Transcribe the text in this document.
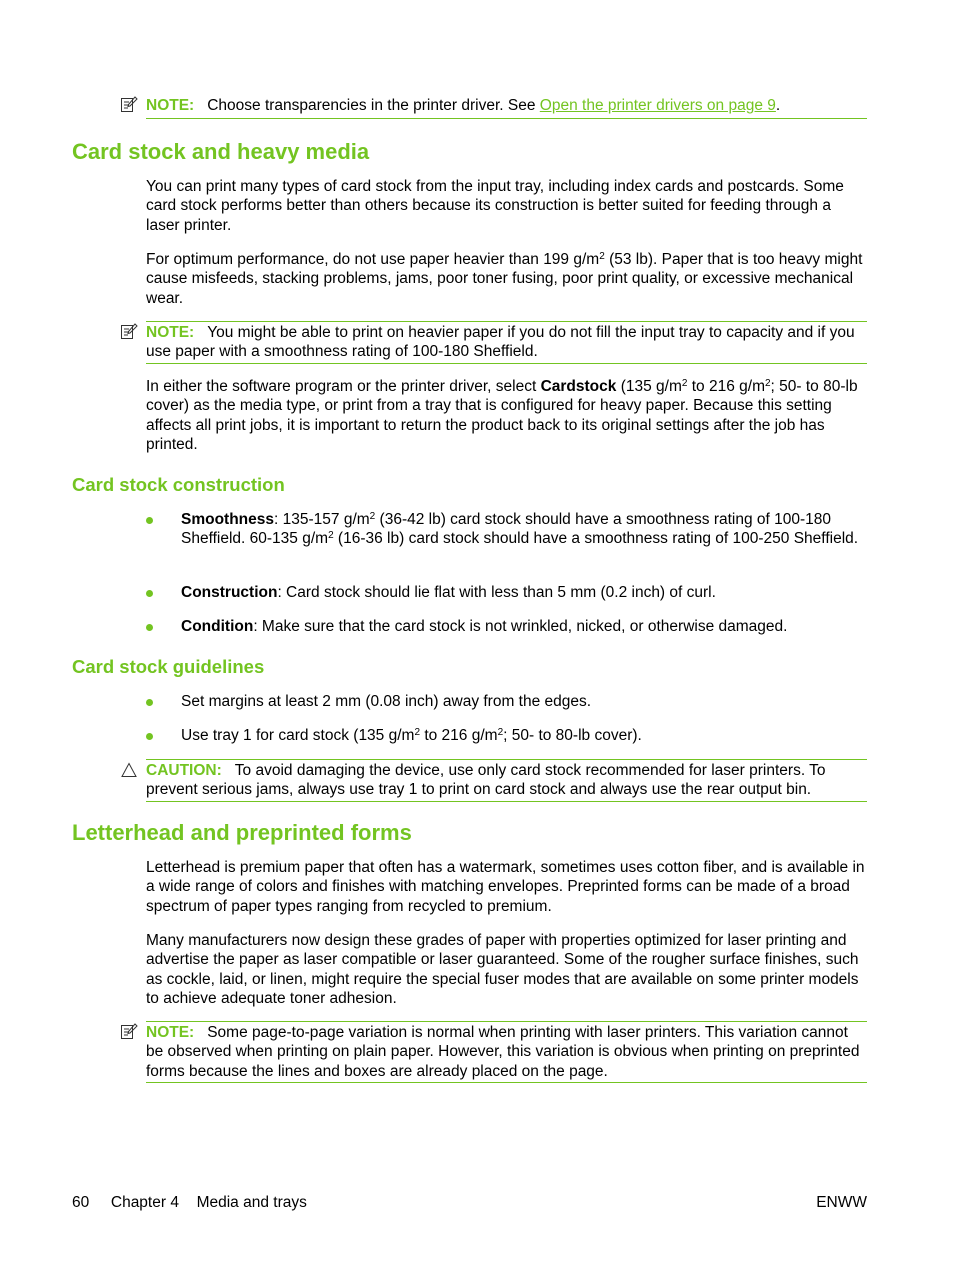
NOTE: Choose transparencies in the printer driver. See Open the printer drivers on page 9.
Card stock and heavy media

You can print many types of card stock from the input tray, including index cards and postcards. Some card stock performs better than others because its construction is better suited for feeding through a laser printer.

For optimum performance, do not use paper heavier than 199 $g/m^2$ (53 lb). Paper that is too heavy might cause misfeeds, stacking problems, jams, poor toner fusing, poor print quality, or excessive mechanical wear.

NOTE: You might be able to print on heavier paper if you do not fill the input tray to capacity and if you use paper with a smoothness rating of 100-180 Sheffield.

In either the software program or the printer driver, select Cardstock (135 $g/m^2$ to 216 $g/m^2$; 50- to 80-lb cover) as the media type, or print from a tray that is configured for heavy paper. Because this setting affects all print jobs, it is important to return the product back to its original settings after the job has printed.

Card stock construction
Smoothness: 135-157 $g/m^2$ (36-42 lb) card stock should have a smoothness rating of 100-180 Sheffield. 60-135 $g/m^2$ (16-36 lb) card stock should have a smoothness rating of 100-250 Sheffield.
Construction: Card stock should lie flat with less than 5 mm (0.2 inch) of curl.
Condition: Make sure that the card stock is not wrinkled, nicked, or otherwise damaged.
Card stock guidelines
Set margins at least 2 mm (0.08 inch) away from the edges.
Use tray 1 for card stock (135 $g/m^2$ to 216 $g/m^2$; 50- to 80-lb cover).
CAUTION: To avoid damaging the device, use only card stock recommended for laser printers. To prevent serious jams, always use tray 1 to print on card stock and always use the rear output bin.
Letterhead and preprinted forms

Letterhead is premium paper that often has a watermark, sometimes uses cotton fiber, and is available in a wide range of colors and finishes with matching envelopes. Preprinted forms can be made of a broad spectrum of paper types ranging from recycled to premium.

Many manufacturers now design these grades of paper with properties optimized for laser printing and advertise the paper as laser compatible or laser guaranteed. Some of the rougher surface finishes, such as cockle, laid, or linen, might require the special fuser modes that are available on some printer models to achieve adequate toner adhesion.

NOTE: Some page-to-page variation is normal when printing with laser printers. This variation cannot be observed when printing on plain paper. However, this variation is obvious when printing on preprinted forms because the lines and boxes are already placed on the page.
60 Chapter 4 Media and trays	ENWW
